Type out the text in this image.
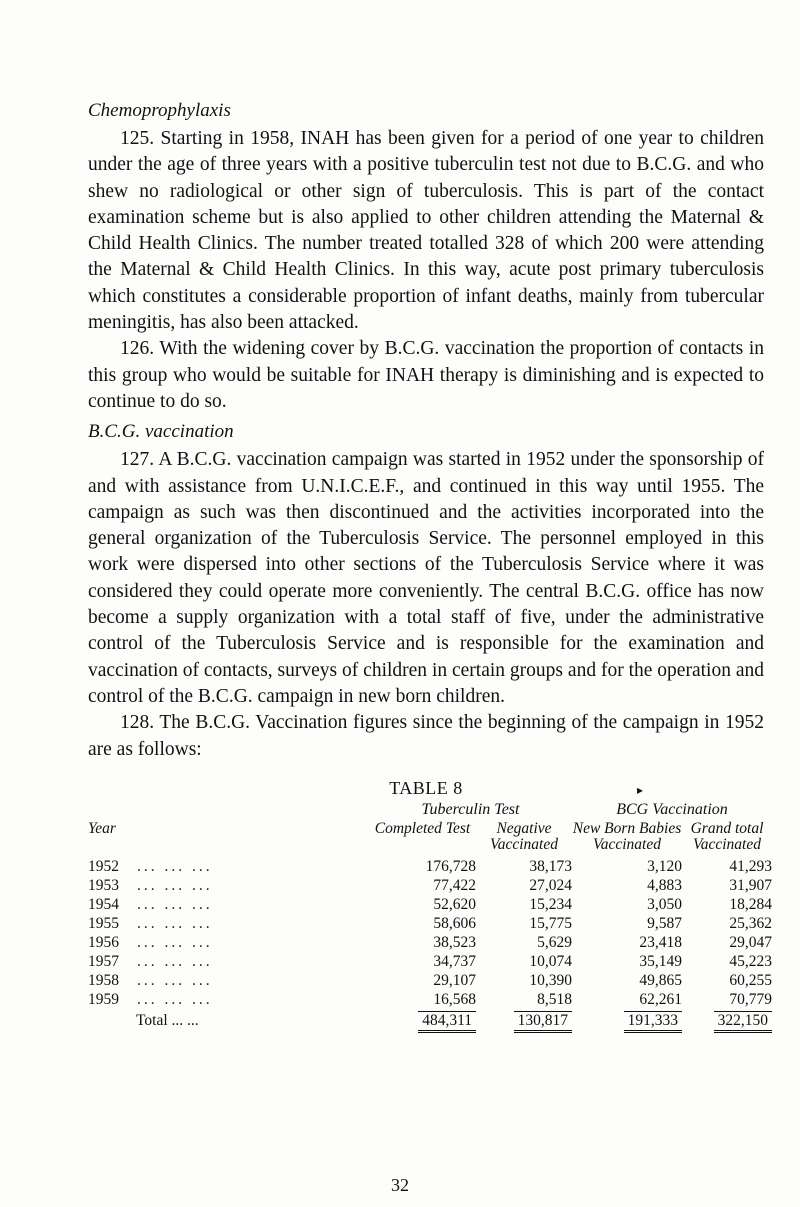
Chemoprophylaxis

125. Starting in 1958, INAH has been given for a period of one year to children under the age of three years with a positive tuberculin test not due to B.C.G. and who shew no radiological or other sign of tuberculosis. This is part of the contact examination scheme but is also applied to other children attending the Maternal & Child Health Clinics. The number treated totalled 328 of which 200 were attending the Maternal & Child Health Clinics. In this way, acute post primary tuberculosis which constitutes a considerable proportion of infant deaths, mainly from tubercular meningitis, has also been attacked.

126. With the widening cover by B.C.G. vaccination the proportion of contacts in this group who would be suitable for INAH therapy is diminishing and is expected to continue to do so.

B.C.G. vaccination

127. A B.C.G. vaccination campaign was started in 1952 under the sponsorship of and with assistance from U.N.I.C.E.F., and continued in this way until 1955. The campaign as such was then discontinued and the activities incorporated into the general organization of the Tuberculosis Service. The personnel employed in this work were dispersed into other sections of the Tuberculosis Service where it was considered they could operate more conveniently. The central B.C.G. office has now become a supply organization with a total staff of five, under the administrative control of the Tuberculosis Service and is responsible for the examination and vaccination of contacts, surveys of children in certain groups and for the operation and control of the B.C.G. campaign in new born children.

128. The B.C.G. Vaccination figures since the beginning of the campaign in 1952 are as follows:

TABLE 8	▸
	Tuberculin Test		BCG Vaccination	
Year	Completed Test	Negative Vaccinated	New Born Babies Vaccinated	Grand total Vaccinated

1952 ... ... ...	176,728	38,173	3,120	41,293
1953 ... ... ...	77,422	27,024	4,883	31,907
1954 ... ... ...	52,620	15,234	3,050	18,284
1955 ... ... ...	58,606	15,775	9,587	25,362
1956 ... ... ...	38,523	5,629	23,418	29,047
1957 ... ... ...	34,737	10,074	35,149	45,223
1958 ... ... ...	29,107	10,390	49,865	60,255
1959 ... ... ...	16,568	8,518	62,261	70,779
Total ... ...	484,311	130,817	191,333	322,150
32
